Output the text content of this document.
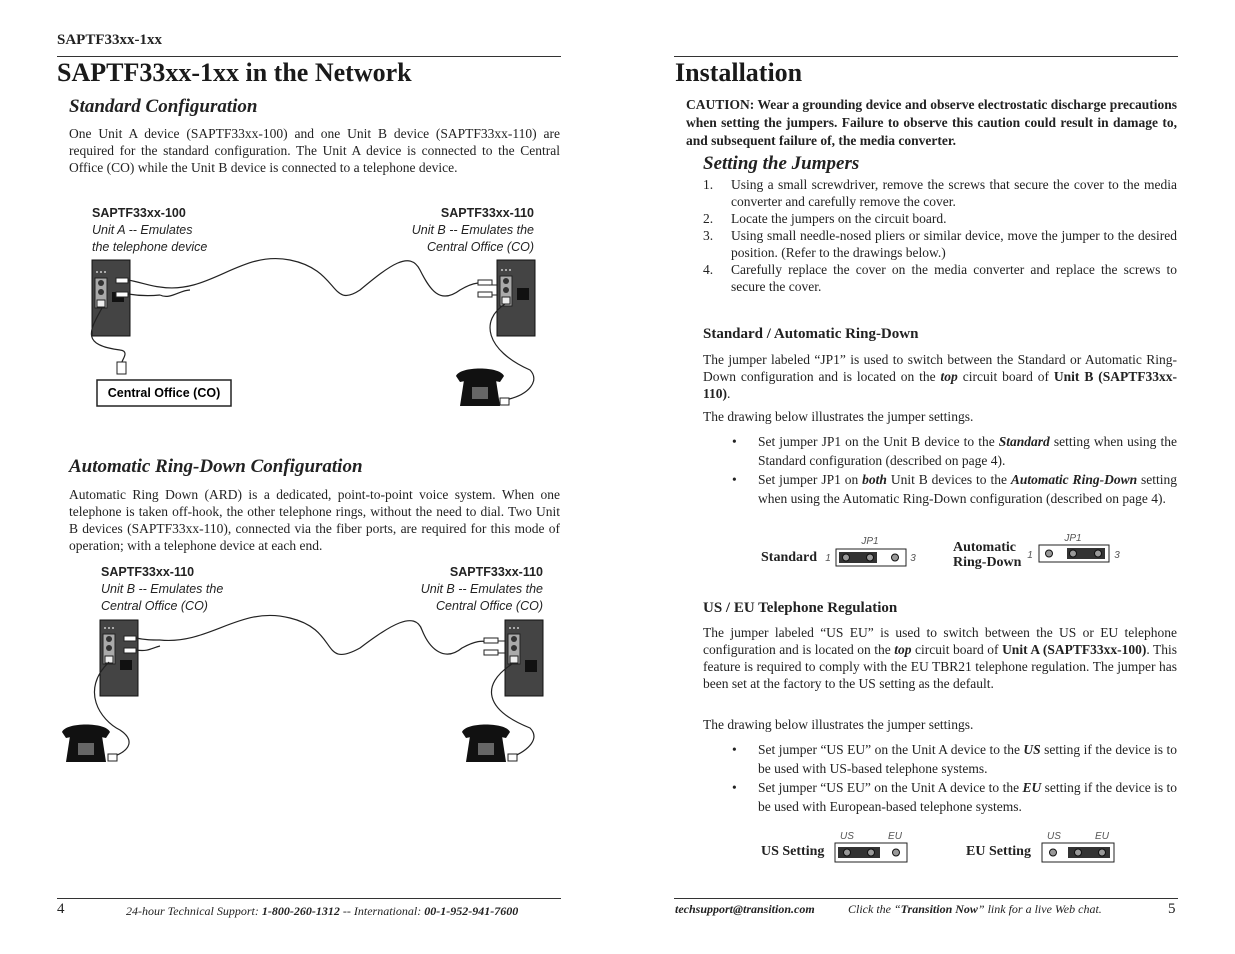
SAPTF33xx-1xx
SAPTF33xx-1xx in the Network
Standard Configuration
One Unit A device (SAPTF33xx-100) and one Unit B device (SAPTF33xx-110) are required for the standard configuration. The Unit A device is connected to the Central Office (CO) while the Unit B device is connected to a telephone device.
SAPTF33xx-100
Unit A -- Emulates
the telephone device
SAPTF33xx-110
Unit B -- Emulates the
Central Office (CO)
Central Office (CO)
Automatic Ring-Down Configuration
Automatic Ring Down (ARD) is a dedicated, point-to-point voice system. When one telephone is taken off-hook, the other telephone rings, without the need to dial. Two Unit B devices (SAPTF33xx-110), connected via the fiber ports, are required for this mode of operation; with a telephone device at each end.
SAPTF33xx-110
Unit B -- Emulates the
Central Office (CO)
SAPTF33xx-110
Unit B -- Emulates the
Central Office (CO)
4	24-hour Technical Support: 1-800-260-1312 -- International: 00-1-952-941-7600
Installation
CAUTION: Wear a grounding device and observe electrostatic discharge precautions when setting the jumpers. Failure to observe this caution could result in damage to, and subsequent failure of, the media converter.
Setting the Jumpers
1. Using a small screwdriver, remove the screws that secure the cover to the media converter and carefully remove the cover.
2. Locate the jumpers on the circuit board.
3. Using small needle-nosed pliers or similar device, move the jumper to the desired position. (Refer to the drawings below.)
4. Carefully replace the cover on the media converter and replace the screws to secure the cover.
Standard / Automatic Ring-Down
The jumper labeled “JP1” is used to switch between the Standard or Automatic Ring-Down configuration and is located on the top circuit board of Unit B (SAPTF33xx-110).
The drawing below illustrates the jumper settings.
• Set jumper JP1 on the Unit B device to the Standard setting when using the Standard configuration (described on page 4).
• Set jumper JP1 on both Unit B devices to the Automatic Ring-Down setting when using the Automatic Ring-Down configuration (described on page 4).
Standard
Automatic
Ring-Down
JP1
1	3
JP1
1	3
US / EU Telephone Regulation
The jumper labeled “US EU” is used to switch between the US or EU telephone configuration and is located on the top circuit board of Unit A (SAPTF33xx-100). This feature is required to comply with the EU TBR21 telephone regulation. The jumper has been set at the factory to the US setting as the default.
The drawing below illustrates the jumper settings.
• Set jumper “US EU” on the Unit A device to the US setting if the device is to be used with US-based telephone systems.
• Set jumper “US EU” on the Unit A device to the EU setting if the device is to be used with European-based telephone systems.
US Setting	EU Setting
US	EU	US	EU
techsupport@transition.com	Click the “Transition Now” link for a live Web chat.	5
